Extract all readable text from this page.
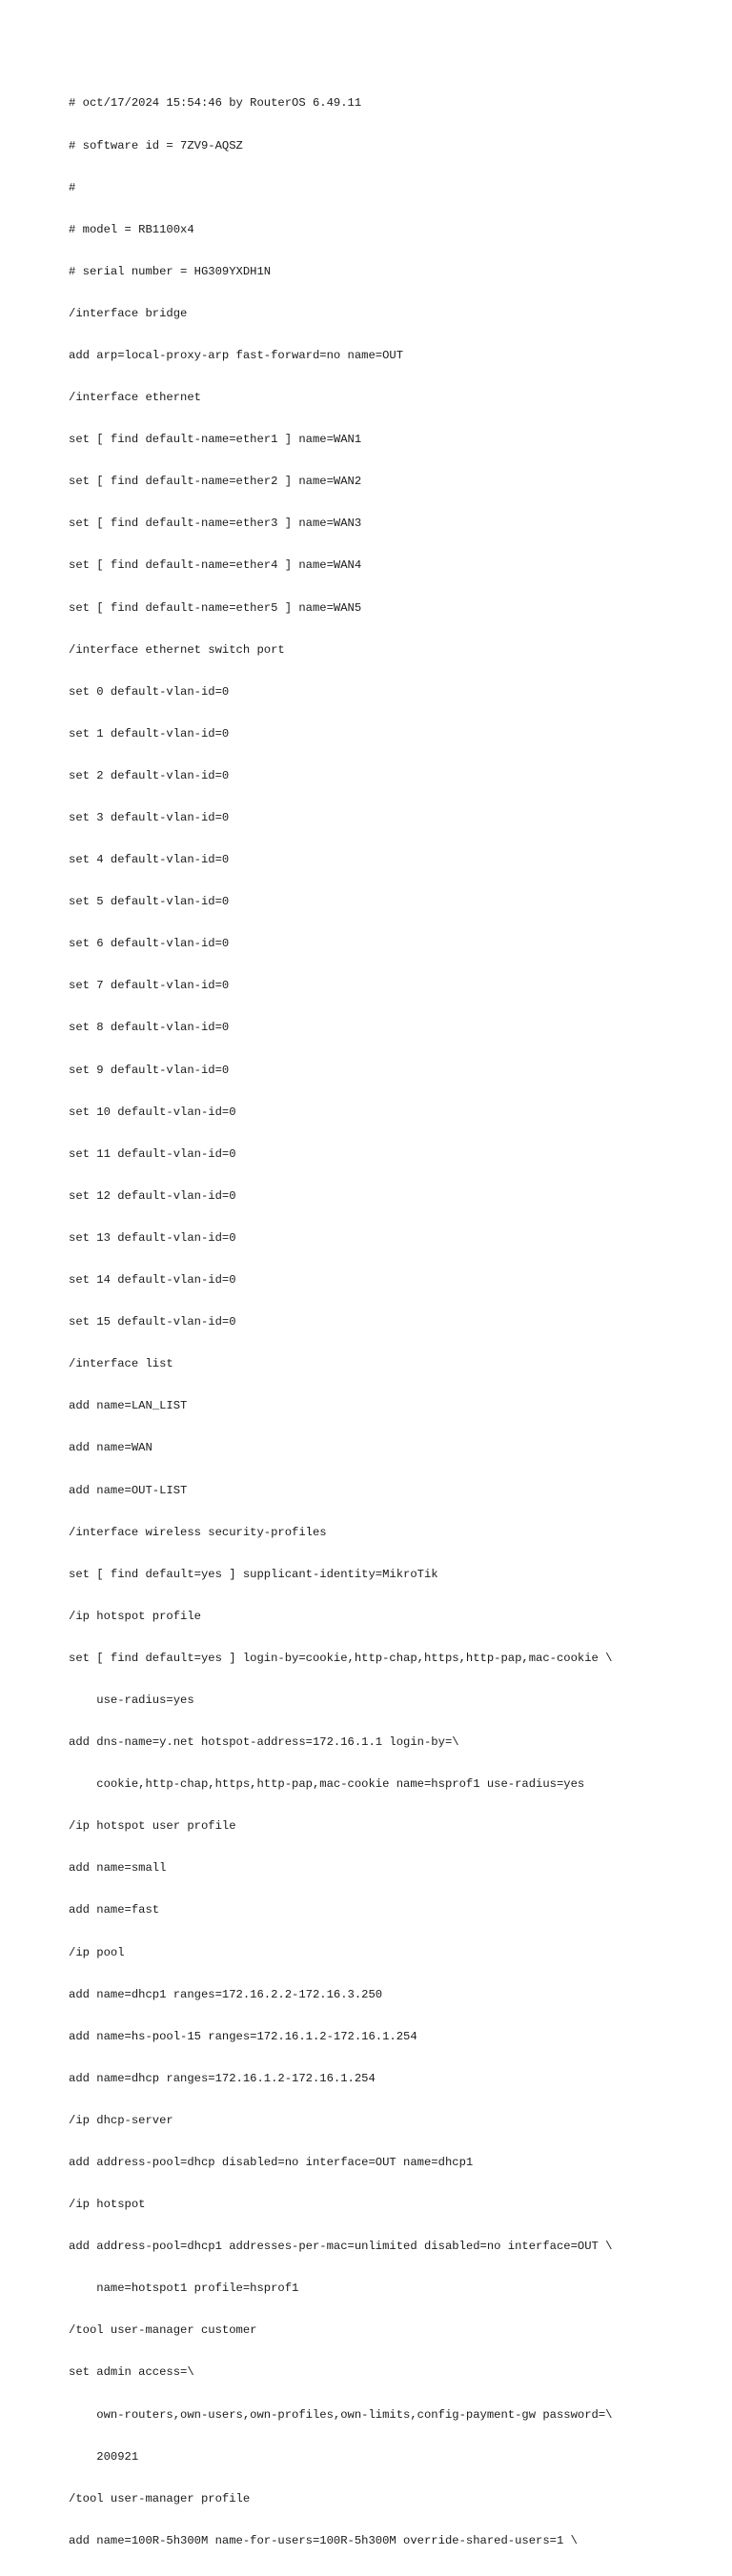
# oct/17/2024 15:54:46 by RouterOS 6.49.11

# software id = 7ZV9-AQSZ

#

# model = RB1100x4

# serial number = HG309YXDH1N

/interface bridge

add arp=local-proxy-arp fast-forward=no name=OUT

/interface ethernet

set [ find default-name=ether1 ] name=WAN1

set [ find default-name=ether2 ] name=WAN2

set [ find default-name=ether3 ] name=WAN3

set [ find default-name=ether4 ] name=WAN4

set [ find default-name=ether5 ] name=WAN5

/interface ethernet switch port

set 0 default-vlan-id=0

set 1 default-vlan-id=0

set 2 default-vlan-id=0

set 3 default-vlan-id=0

set 4 default-vlan-id=0

set 5 default-vlan-id=0

set 6 default-vlan-id=0

set 7 default-vlan-id=0

set 8 default-vlan-id=0

set 9 default-vlan-id=0

set 10 default-vlan-id=0

set 11 default-vlan-id=0

set 12 default-vlan-id=0

set 13 default-vlan-id=0

set 14 default-vlan-id=0

set 15 default-vlan-id=0

/interface list

add name=LAN_LIST

add name=WAN

add name=OUT-LIST

/interface wireless security-profiles

set [ find default=yes ] supplicant-identity=MikroTik

/ip hotspot profile

set [ find default=yes ] login-by=cookie,http-chap,https,http-pap,mac-cookie \

use-radius=yes

add dns-name=y.net hotspot-address=172.16.1.1 login-by=\

cookie,http-chap,https,http-pap,mac-cookie name=hsprof1 use-radius=yes

/ip hotspot user profile

add name=small

add name=fast

/ip pool

add name=dhcp1 ranges=172.16.2.2-172.16.3.250

add name=hs-pool-15 ranges=172.16.1.2-172.16.1.254

add name=dhcp ranges=172.16.1.2-172.16.1.254

/ip dhcp-server

add address-pool=dhcp disabled=no interface=OUT name=dhcp1

/ip hotspot

add address-pool=dhcp1 addresses-per-mac=unlimited disabled=no interface=OUT \

name=hotspot1 profile=hsprof1

/tool user-manager customer

set admin access=\

own-routers,own-users,own-profiles,own-limits,config-payment-gw password=\

200921

/tool user-manager profile

add name=100R-5h300M name-for-users=100R-5h300M override-shared-users=1 \
